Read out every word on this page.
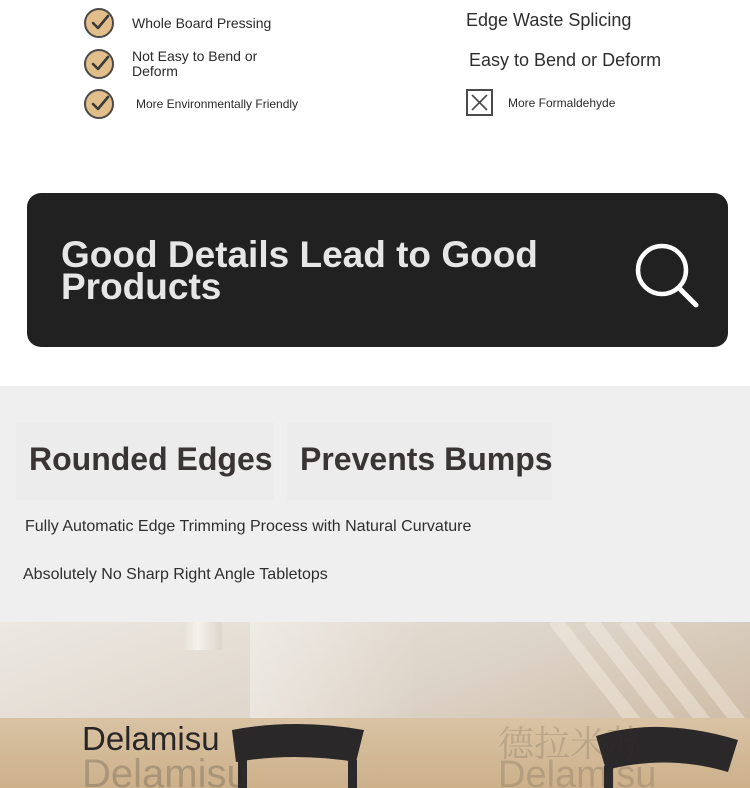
Whole Board Pressing
Not Easy to Bend or Deform
More Environmentally Friendly
Edge Waste Splicing
Easy to Bend or Deform
More Formaldehyde
Good Details Lead to Good Products
Rounded Edges Prevents Bumps
Fully Automatic Edge Trimming Process with Natural Curvature
Absolutely No Sharp Right Angle Tabletops
Delamisu
Delamisu
德拉米苏
Delamisu
